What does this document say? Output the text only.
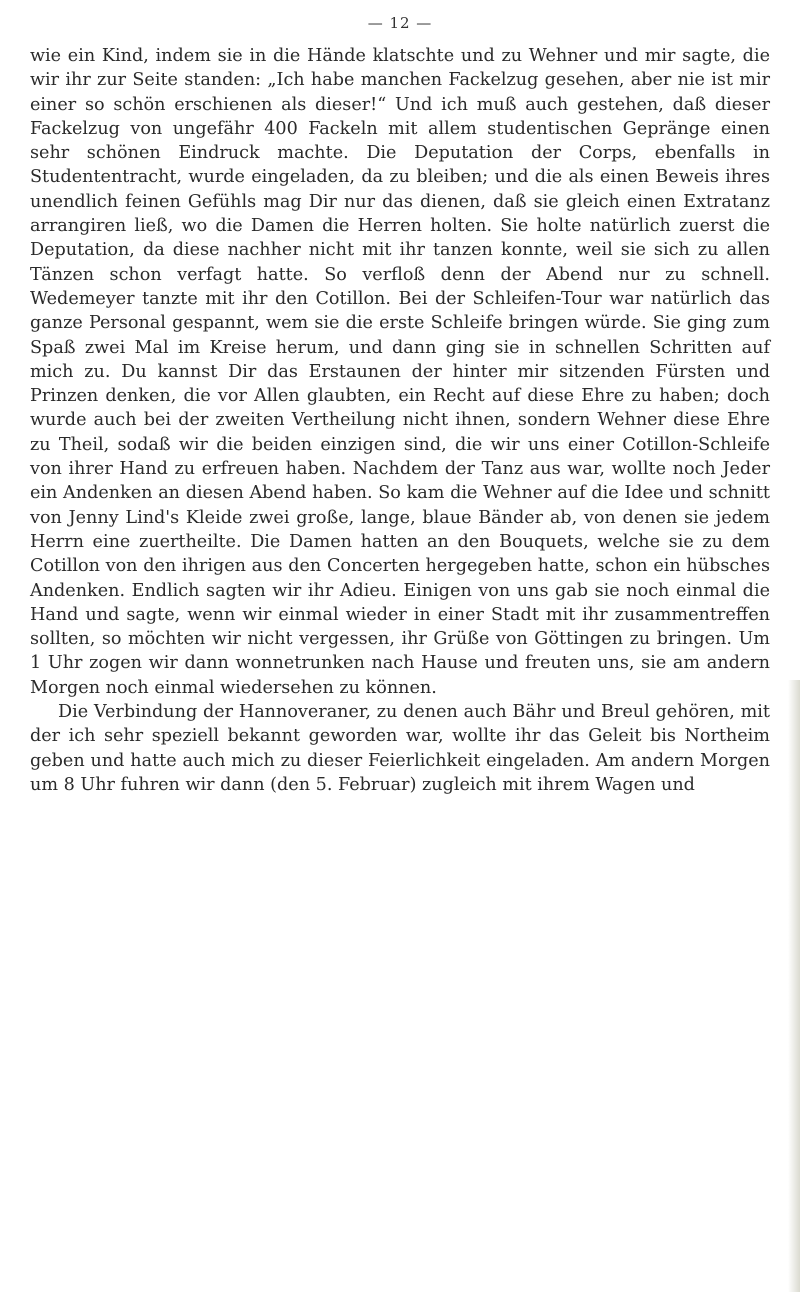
— 12 —

wie ein Kind, indem sie in die Hände klatschte und zu Wehner und mir sagte, die wir ihr zur Seite standen: „Ich habe manchen Fackelzug gesehen, aber nie ist mir einer so schön erschienen als dieser!“ Und ich muß auch gestehen, daß dieser Fackelzug von ungefähr 400 Fackeln mit allem studentischen Gepränge einen sehr schönen Eindruck machte. Die Deputation der Corps, ebenfalls in Studententracht, wurde eingeladen, da zu bleiben; und die als einen Beweis ihres unendlich feinen Gefühls mag Dir nur das dienen, daß sie gleich einen Extratanz arrangiren ließ, wo die Damen die Herren holten. Sie holte natürlich zuerst die Deputation, da diese nachher nicht mit ihr tanzen konnte, weil sie sich zu allen Tänzen schon verfagt hatte. So verfloß denn der Abend nur zu schnell. Wedemeyer tanzte mit ihr den Cotillon. Bei der Schleifen-Tour war natürlich das ganze Personal gespannt, wem sie die erste Schleife bringen würde. Sie ging zum Spaß zwei Mal im Kreise herum, und dann ging sie in schnellen Schritten auf mich zu. Du kannst Dir das Erstaunen der hinter mir sitzenden Fürsten und Prinzen denken, die vor Allen glaubten, ein Recht auf diese Ehre zu haben; doch wurde auch bei der zweiten Vertheilung nicht ihnen, sondern Wehner diese Ehre zu Theil, sodaß wir die beiden einzigen sind, die wir uns einer Cotillon-Schleife von ihrer Hand zu erfreuen haben. Nachdem der Tanz aus war, wollte noch Jeder ein Andenken an diesen Abend haben. So kam die Wehner auf die Idee und schnitt von Jenny Lind's Kleide zwei große, lange, blaue Bänder ab, von denen sie jedem Herrn eine zuertheilte. Die Damen hatten an den Bouquets, welche sie zu dem Cotillon von den ihrigen aus den Concerten hergegeben hatte, schon ein hübsches Andenken. Endlich sagten wir ihr Adieu. Einigen von uns gab sie noch einmal die Hand und sagte, wenn wir einmal wieder in einer Stadt mit ihr zusammentreffen sollten, so möchten wir nicht vergessen, ihr Grüße von Göttingen zu bringen. Um 1 Uhr zogen wir dann wonnetrunken nach Hause und freuten uns, sie am andern Morgen noch einmal wiedersehen zu können.

Die Verbindung der Hannoveraner, zu denen auch Bähr und Breul gehören, mit der ich sehr speziell bekannt geworden war, wollte ihr das Geleit bis Northeim geben und hatte auch mich zu dieser Feierlichkeit eingeladen. Am andern Morgen um 8 Uhr fuhren wir dann (den 5. Februar) zugleich mit ihrem Wagen und
